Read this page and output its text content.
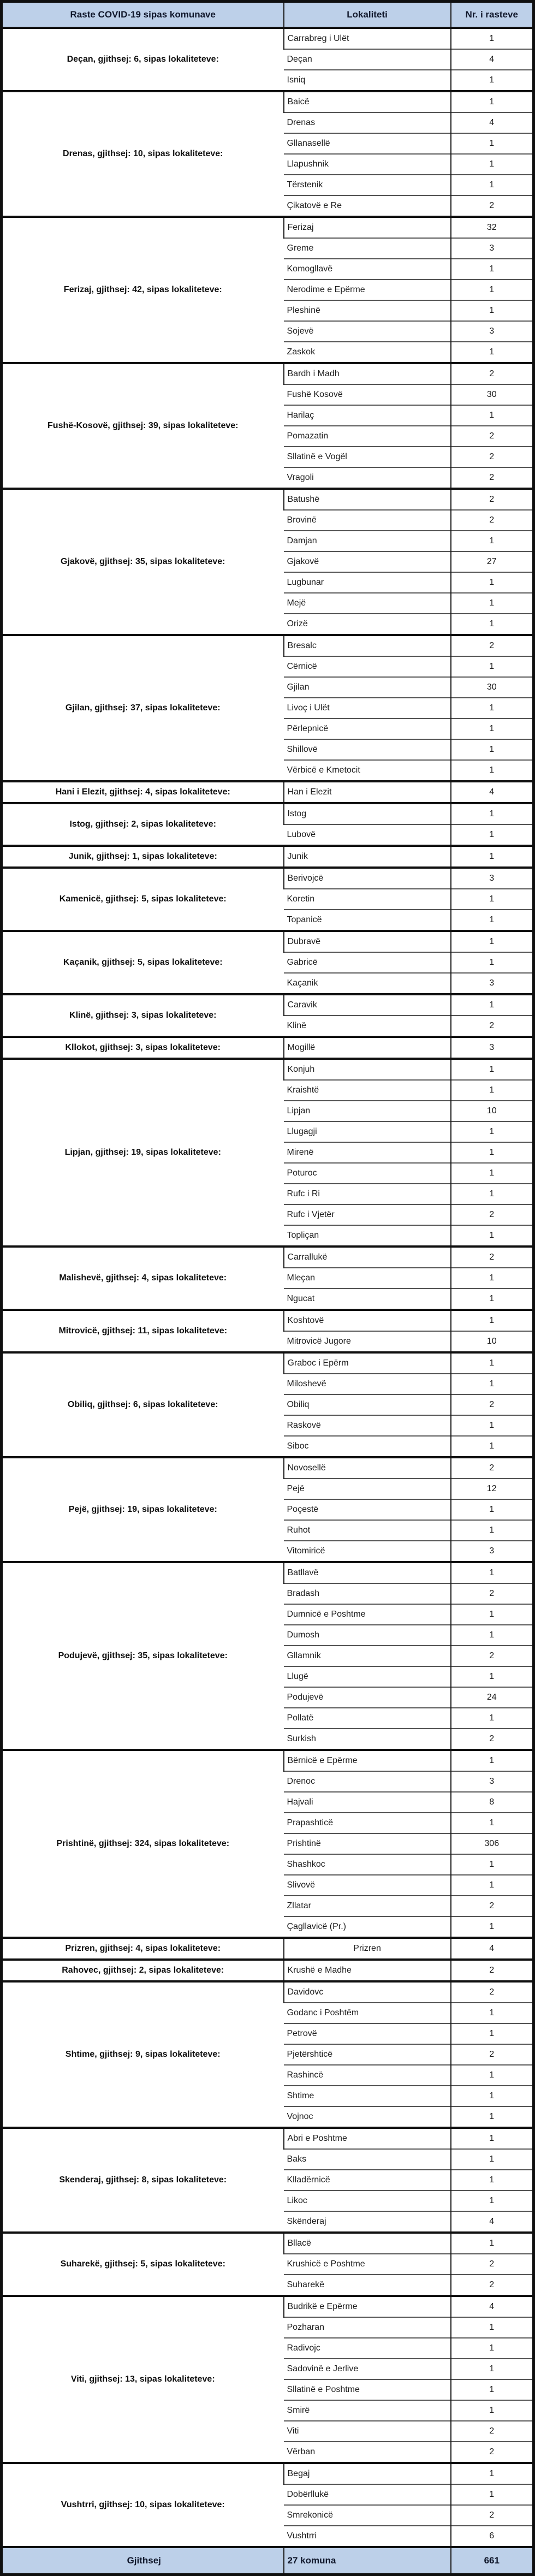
Raste COVID-19 sipas komunave	Lokaliteti	Nr. i rasteve
Deçan, gjithsej: 6, sipas lokaliteteve:	Carrabreg i Ulët	1
	Deçan	4
	Isniq	1
Drenas, gjithsej: 10, sipas lokaliteteve:	Baicë	1
	Drenas	4
	Gllanasellë	1
	Llapushnik	1
	Tërstenik	1
	Çikatovë e Re	2
Ferizaj, gjithsej: 42, sipas lokaliteteve:	Ferizaj	32
	Greme	3
	Komogllavë	1
	Nerodime e Epërme	1
	Pleshinë	1
	Sojevë	3
	Zaskok	1
Fushë-Kosovë, gjithsej: 39, sipas lokaliteteve:	Bardh i Madh	2
	Fushë Kosovë	30
	Harilaç	1
	Pomazatin	2
	Sllatinë e Vogël	2
	Vragoli	2
Gjakovë, gjithsej: 35, sipas lokaliteteve:	Batushë	2
	Brovinë	2
	Damjan	1
	Gjakovë	27
	Lugbunar	1
	Mejë	1
	Orizë	1
Gjilan, gjithsej: 37, sipas lokaliteteve:	Bresalc	2
	Cërnicë	1
	Gjilan	30
	Livoç i Ulët	1
	Përlepnicë	1
	Shillovë	1
	Vërbicë e Kmetocit	1
Hani i Elezit, gjithsej: 4, sipas lokaliteteve:	Han i Elezit	4
Istog, gjithsej: 2, sipas lokaliteteve:	Istog	1
	Lubovë	1
Junik, gjithsej: 1, sipas lokaliteteve:	Junik	1
Kamenicë, gjithsej: 5, sipas lokaliteteve:	Berivojcë	3
	Koretin	1
	Topanicë	1
Kaçanik, gjithsej: 5, sipas lokaliteteve:	Dubravë	1
	Gabricë	1
	Kaçanik	3
Klinë, gjithsej: 3, sipas lokaliteteve:	Caravik	1
	Klinë	2
Kllokot, gjithsej: 3, sipas lokaliteteve:	Mogillë	3
Lipjan, gjithsej: 19, sipas lokaliteteve:	Konjuh	1
	Kraishtë	1
	Lipjan	10
	Llugagji	1
	Mirenë	1
	Poturoc	1
	Rufc i Ri	1
	Rufc i Vjetër	2
	Topliçan	1
Malishevë, gjithsej: 4, sipas lokaliteteve:	Carrallukë	2
	Mleçan	1
	Ngucat	1
Mitrovicë, gjithsej: 11, sipas lokaliteteve:	Koshtovë	1
	Mitrovicë Jugore	10
Obiliq, gjithsej: 6, sipas lokaliteteve:	Graboc i Epërm	1
	Miloshevë	1
	Obiliq	2
	Raskovë	1
	Siboc	1
Pejë, gjithsej: 19, sipas lokaliteteve:	Novosellë	2
	Pejë	12
	Poçestë	1
	Ruhot	1
	Vitomiricë	3
Podujevë, gjithsej: 35, sipas lokaliteteve:	Batllavë	1
	Bradash	2
	Dumnicë e Poshtme	1
	Dumosh	1
	Gllamnik	2
	Llugë	1
	Podujevë	24
	Pollatë	1
	Surkish	2
Prishtinë, gjithsej: 324, sipas lokaliteteve:	Bërnicë e Epërme	1
	Drenoc	3
	Hajvali	8
	Prapashticë	1
	Prishtinë	306
	Shashkoc	1
	Slivovë	1
	Zllatar	2
	Çagllavicë (Pr.)	1
Prizren, gjithsej: 4, sipas lokaliteteve:	Prizren	4
Rahovec, gjithsej: 2, sipas lokaliteteve:	Krushë e Madhe	2
Shtime, gjithsej: 9, sipas lokaliteteve:	Davidovc	2
	Godanc i Poshtëm	1
	Petrovë	1
	Pjetërshticë	2
	Rashincë	1
	Shtime	1
	Vojnoc	1
Skenderaj, gjithsej: 8, sipas lokaliteteve:	Abri e Poshtme	1
	Baks	1
	Klladërnicë	1
	Likoc	1
	Skënderaj	4
Suharekë, gjithsej: 5, sipas lokaliteteve:	Bllacë	1
	Krushicë e Poshtme	2
	Suharekë	2
Viti, gjithsej: 13, sipas lokaliteteve:	Budrikë e Epërme	4
	Pozharan	1
	Radivojc	1
	Sadovinë e Jerlive	1
	Sllatinë e Poshtme	1
	Smirë	1
	Viti	2
	Vërban	2
Vushtrri, gjithsej: 10, sipas lokaliteteve:	Begaj	1
	Dobërllukë	1
	Smrekonicë	2
	Vushtrri	6
Gjithsej	27 komuna	661
